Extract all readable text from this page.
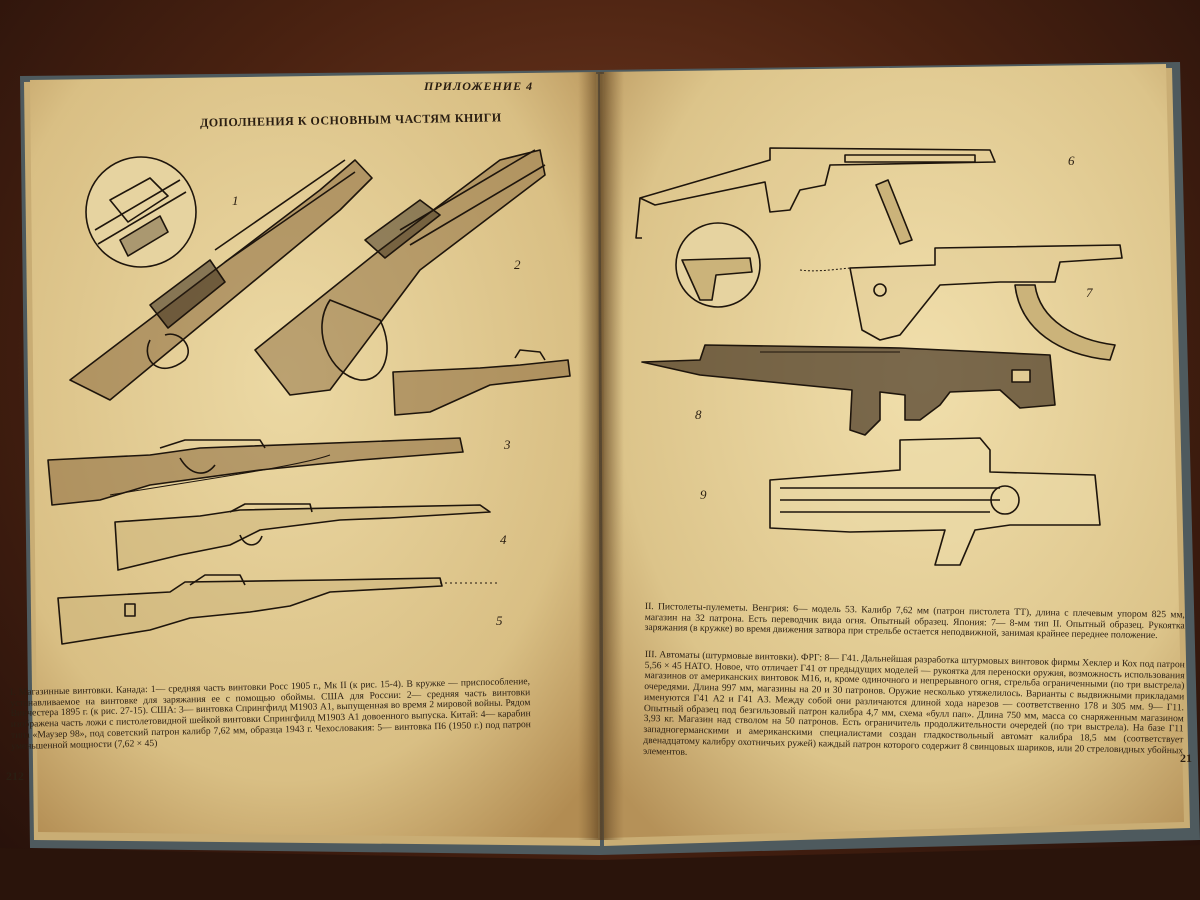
ДОПОЛНЕНИЯ К ОСНОВНЫМ ЧАСТЯМ КНИГИ
1
2
3
4
5
I. Магазинные винтовки. Канада: 1— средняя часть винтовки Росс 1905 г., Мк II (к рис. 15-4). В кружке — приспособление, устанавливаемое на винтовке для заряжания ее с помощью обоймы. США для России: 2— средняя часть винтовки Винчестера 1895 г. (к рис. 27-15). США: 3— винтовка Спрингфилд М1903 А1, выпущенная во время 2 мировой войны. Рядом изображена часть ложи с пистолетовидной шейкой винтовки Спрингфилд М1903 А1 довоенного выпуска. Китай: 4— карабин типа «Маузер 98», под советский патрон калибр 7,62 мм, образца 1943 г. Чехословакия: 5— винтовка П6 (1950 г.) под патрон уменьшенной мощности (7,62 × 45)
212
ПРИЛОЖЕНИЕ 4
6
7
8
9
II. Пистолеты-пулеметы. Венгрия: 6— модель 53. Калибр 7,62 мм (патрон пистолета ТТ), длина с плечевым упором 825 мм, магазин на 32 патрона. Есть переводчик вида огня. Опытный образец. Япония: 7— 8-мм тип II. Опытный образец. Рукоятка заряжания (в кружке) во время движения затвора при стрельбе остается неподвижной, занимая крайнее переднее положение.
III. Автоматы (штурмовые винтовки). ФРГ: 8— Г41. Дальнейшая разработка штурмовых винтовок фирмы Хеклер и Кох под патрон 5,56 × 45 НАТО. Новое, что отличает Г41 от предыдущих моделей — рукоятка для переноски оружия, возможность использования магазинов от американских винтовок М16, и, кроме одиночного и непрерывного огня, стрельба ограниченными (по три выстрела) очередями. Длина 997 мм, магазины на 20 и 30 патронов. Оружие несколько утяжелилось. Варианты с выдвижными прикладами именуются Г41 А2 и Г41 А3. Между собой они различаются длиной хода нарезов — соответственно 178 и 305 мм. 9— Г11. Опытный образец под безгильзовый патрон калибра 4,7 мм, схема «булл пап». Длина 750 мм, масса со снаряженным магазином 3,93 кг. Магазин над стволом на 50 патронов. Есть ограничитель продолжительности очередей (по три выстрела). На базе Г11 западногерманскими и американскими специалистами создан гладкоствольный автомат калибра 18,5 мм (соответствует двенадцатому калибру охотничьих ружей) каждый патрон которого содержит 8 свинцовых шариков, или 20 стреловидных убойных элементов.	21
